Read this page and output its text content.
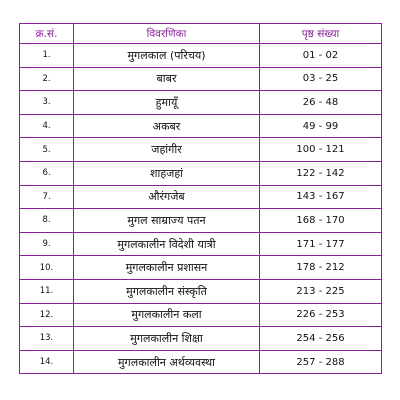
क्र.सं.	विवरणिका	पृष्ठ संख्या
1.	मुगलकाल (परिचय)	01 - 02
2.	बाबर	03 - 25
3.	हुमायूँ	26 - 48
4.	अकबर	49 - 99
5.	जहांगीर	100 - 121
6.	शाहजहां	122 - 142
7.	औरंगजेब	143 - 167
8.	मुगल साम्राज्य पतन	168 - 170
9.	मुगलकालीन विदेशी यात्री	171 - 177
10.	मुगलकालीन प्रशासन	178 - 212
11.	मुगलकालीन संस्कृति	213 - 225
12.	मुगलकालीन कला	226 - 253
13.	मुगलकालीन शिक्षा	254 - 256
14.	मुगलकालीन अर्थव्यवस्था	257 - 288
